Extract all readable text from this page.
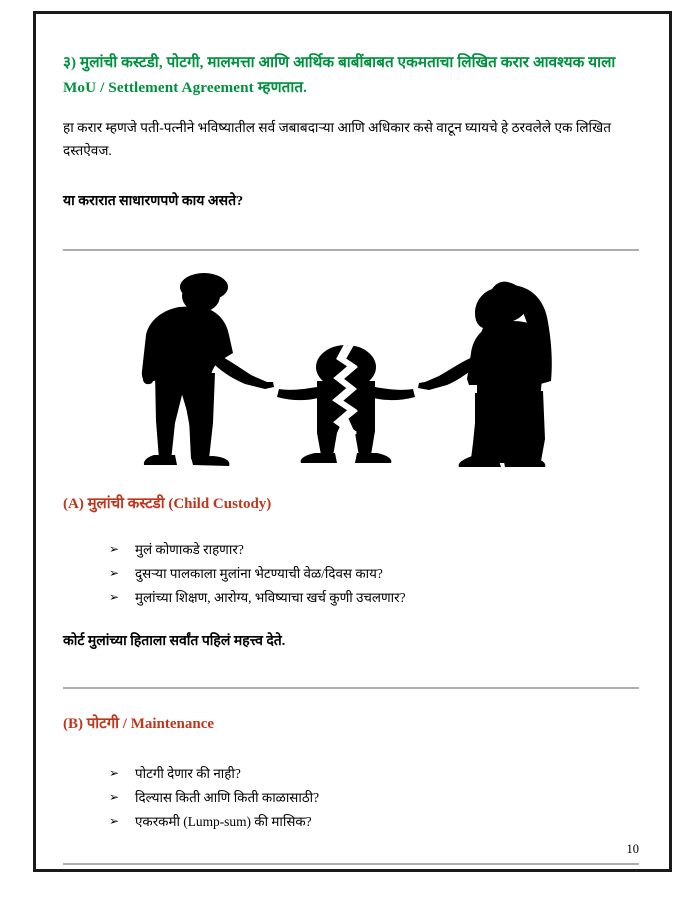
३) मुलांची कस्टडी, पोटगी, मालमत्ता आणि आर्थिक बाबींबाबत एकमताचा लिखित करार आवश्यक याला MoU / Settlement Agreement म्हणतात.

हा करार म्हणजे पती-पत्नीने भविष्यातील सर्व जबाबदाऱ्या आणि अधिकार कसे वाटून घ्यायचे हे ठरवलेले एक लिखित दस्तऐवज.

या करारात साधारणपणे काय असते?

(A) मुलांची कस्टडी (Child Custody)

➢ मुलं कोणाकडे राहणार?
➢ दुसऱ्या पालकाला मुलांना भेटण्याची वेळ/दिवस काय?
➢ मुलांच्या शिक्षण, आरोग्य, भविष्याचा खर्च कुणी उचलणार?

कोर्ट मुलांच्या हिताला सर्वांत पहिलं महत्त्व देते.

(B) पोटगी / Maintenance

➢ पोटगी देणार की नाही?
➢ दिल्यास किती आणि किती काळासाठी?
➢ एकरकमी (Lump-sum) की मासिक?
10
